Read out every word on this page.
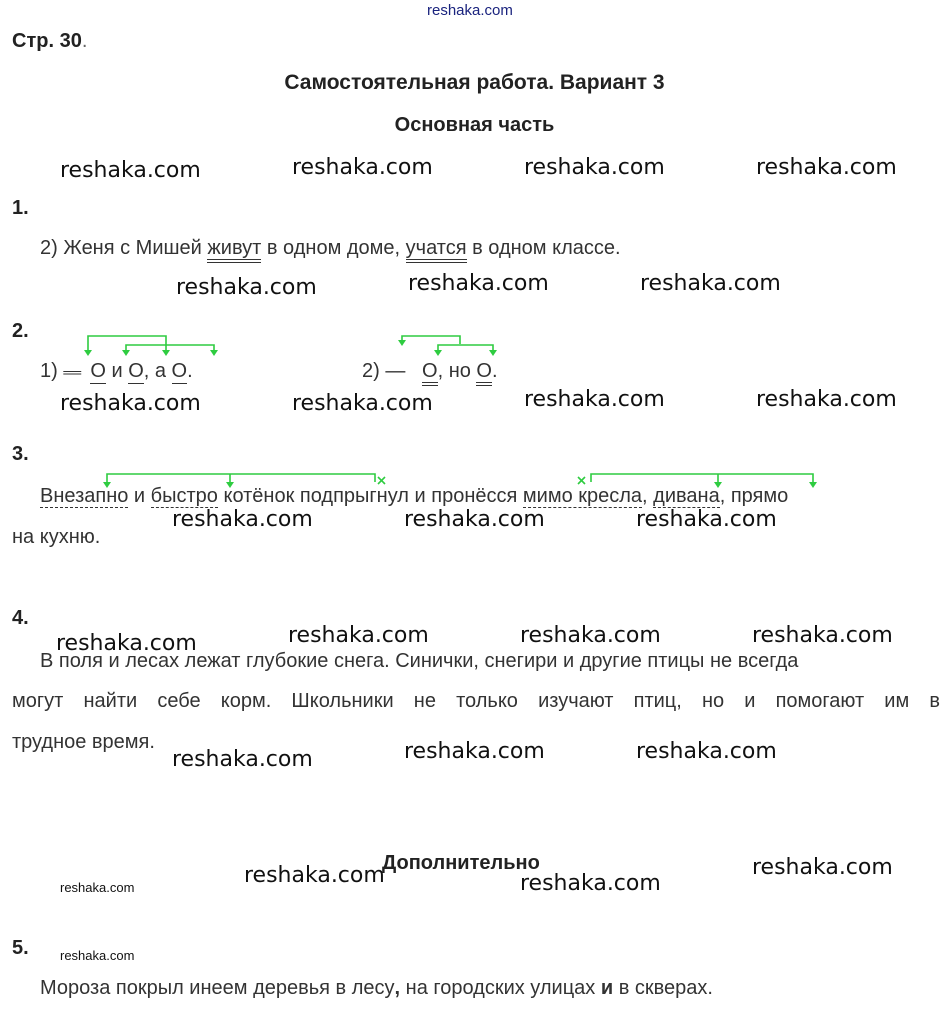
reshaka.com
Стр. 30.
Самостоятельная работа. Вариант 3
Основная часть
reshaka.com	reshaka.com	reshaka.com	reshaka.com
1.
2) Женя с Мишей живут в одном доме, учатся в одном классе.
reshaka.com	reshaka.com	reshaka.com
2.
1) ══ О и О, а О.	2) — О, но О.
reshaka.com	reshaka.com	reshaka.com	reshaka.com
3.
Внезапно и быстро котёнок подпрыгнул и пронёсся мимо кресла, дивана, прямо
на кухню.
reshaka.com	reshaka.com	reshaka.com
4.
В поля и лесах лежат глубокие снега. Синички, снегири и другие птицы не всегда
могут найти себе корм. Школьники не только изучают птиц, но и помогают им в
трудное время.
reshaka.com	reshaka.com	reshaka.com	reshaka.com
reshaka.com	reshaka.com	reshaka.com
Дополнительно
reshaka.com	reshaka.com
reshaka.com
reshaka.com
5. reshaka.com
Мороза покрыл инеем деревья в лесу, на городских улицах и в скверах.
